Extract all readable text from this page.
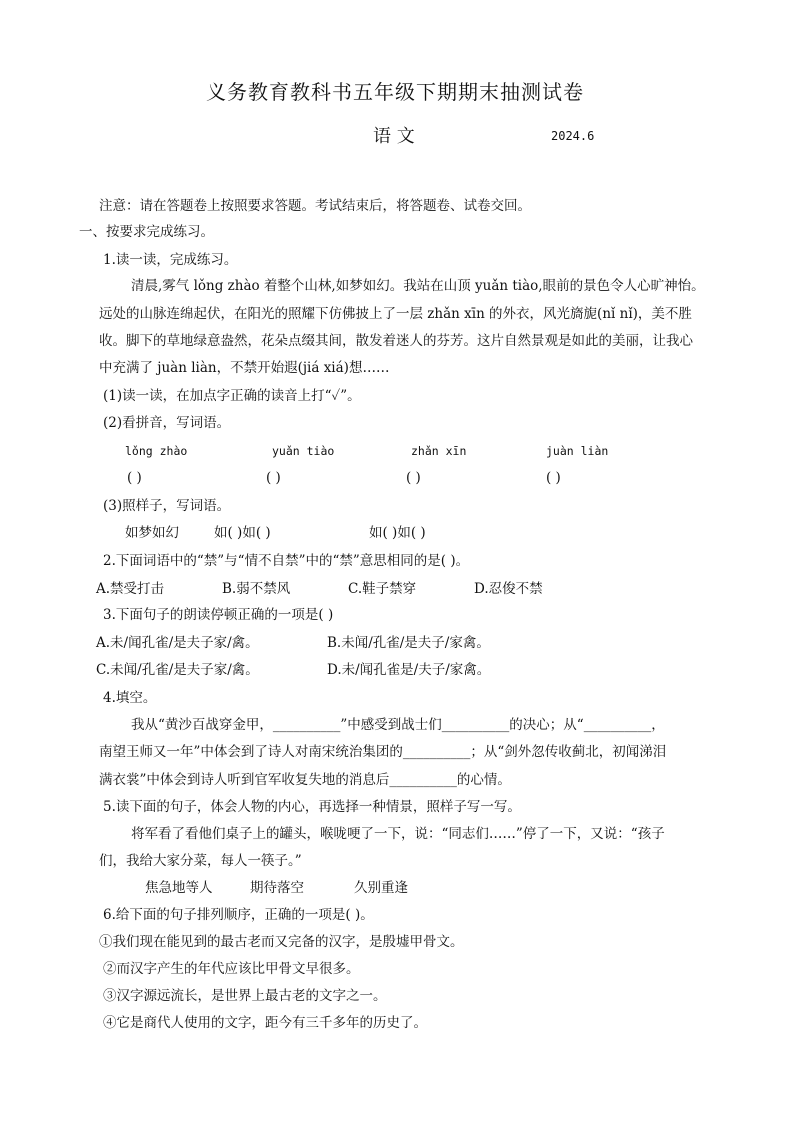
义务教育教科书五年级下期期末抽测试卷
语 文	2024.6
注意：请在答题卷上按照要求答题。考试结束后，将答题卷、试卷交回。
一、按要求完成练习。
1.读一读，完成练习。
清晨,雾气 lǒng zhào 着整个山林,如梦如幻。我站在山顶 yuǎn tiào,眼前的景色令人心旷神怡。
远处的山脉连绵起伏，在阳光的照耀下仿佛披上了一层 zhǎn xīn 的外衣，风光旖旎(nǐ nǐ)，美不胜
收。脚下的草地绿意盎然，花朵点缀其间，散发着迷人的芬芳。这片自然景观是如此的美丽，让我心
中充满了 juàn liàn，不禁开始遐(jiá xiá)想……
(1)读一读，在加点字正确的读音上打“✓”。
(2)看拼音，写词语。
lǒng zhào	yuǎn tiào	zhǎn xīn	juàn liàn
( )	( )	( )	( )
(3)照样子，写词语。
如梦如幻	如( )如( )	如( )如( )
2.下面词语中的“禁”与“情不自禁”中的“禁”意思相同的是( )。
A.禁受打击	B.弱不禁风	C.鞋子禁穿	D.忍俊不禁
3.下面句子的朗读停顿正确的一项是( )
A.未/闻孔雀/是夫子家/禽。	B.未闻/孔雀/是夫子/家禽。
C.未闻/孔雀/是夫子家/禽。	D.未/闻孔雀是/夫子/家禽。
4.填空。
我从“黄沙百战穿金甲，__________”中感受到战士们__________的决心；从“__________，
南望王师又一年”中体会到了诗人对南宋统治集团的__________；从“剑外忽传收蓟北，初闻涕泪
满衣裳”中体会到诗人听到官军收复失地的消息后__________的心情。
5.读下面的句子，体会人物的内心，再选择一种情景，照样子写一写。
将军看了看他们桌子上的罐头，喉咙哽了一下，说：“同志们……”停了一下，又说：“孩子
们，我给大家分菜，每人一筷子。”
焦急地等人	期待落空	久别重逢
6.给下面的句子排列顺序，正确的一项是( )。
①我们现在能见到的最古老而又完备的汉字，是殷墟甲骨文。
②而汉字产生的年代应该比甲骨文早很多。
③汉字源远流长，是世界上最古老的文字之一。
④它是商代人使用的文字，距今有三千多年的历史了。
